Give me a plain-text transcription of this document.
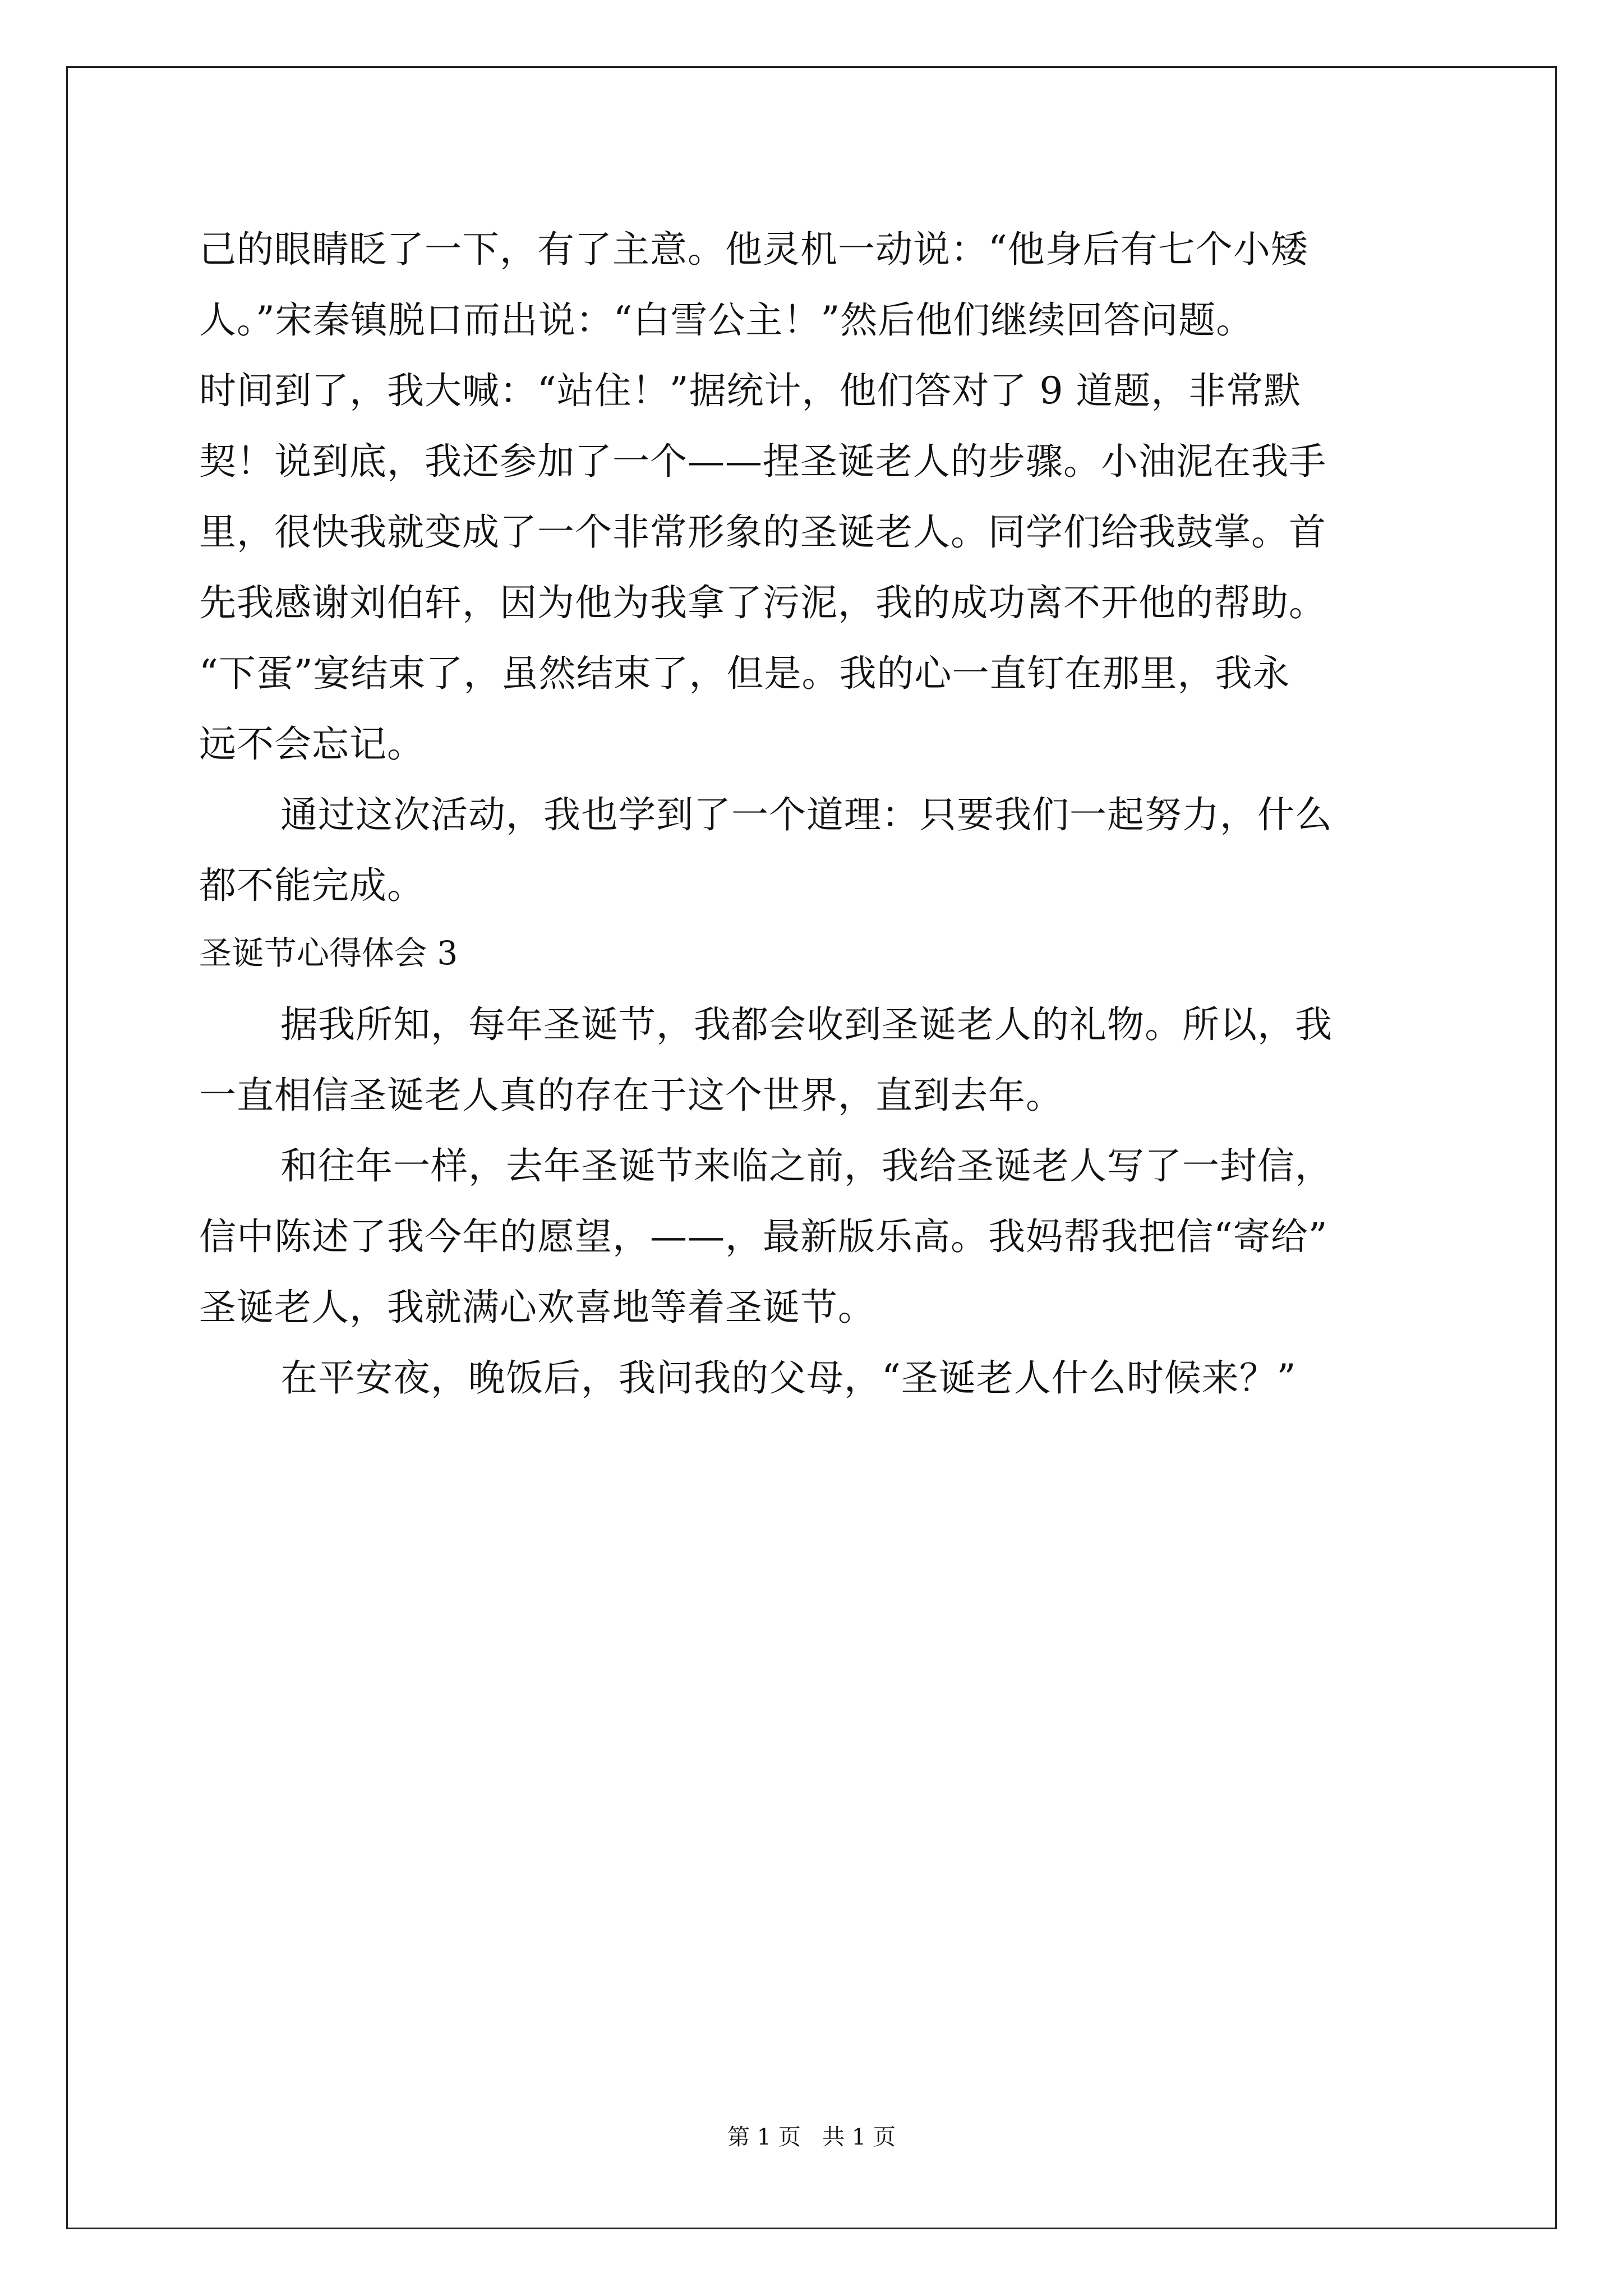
己的眼睛眨了一下，有了主意。他灵机一动说：“他身后有七个小矮
人。”宋秦镇脱口而出说：“白雪公主！”然后他们继续回答问题。
时间到了，我大喊：“站住！”据统计，他们答对了 9 道题，非常默
契！说到底，我还参加了一个——捏圣诞老人的步骤。小油泥在我手
里，很快我就变成了一个非常形象的圣诞老人。同学们给我鼓掌。首
先我感谢刘伯轩，因为他为我拿了污泥，我的成功离不开他的帮助。
“下蛋”宴结束了，虽然结束了，但是。我的心一直钉在那里，我永
远不会忘记。
通过这次活动，我也学到了一个道理：只要我们一起努力，什么
都不能完成。
圣诞节心得体会 3
据我所知，每年圣诞节，我都会收到圣诞老人的礼物。所以，我
一直相信圣诞老人真的存在于这个世界，直到去年。
和往年一样，去年圣诞节来临之前，我给圣诞老人写了一封信，
信中陈述了我今年的愿望，——，最新版乐高。我妈帮我把信“寄给”
圣诞老人，我就满心欢喜地等着圣诞节。
在平安夜，晚饭后，我问我的父母，“圣诞老人什么时候来？”
第 1 页   共 1 页
